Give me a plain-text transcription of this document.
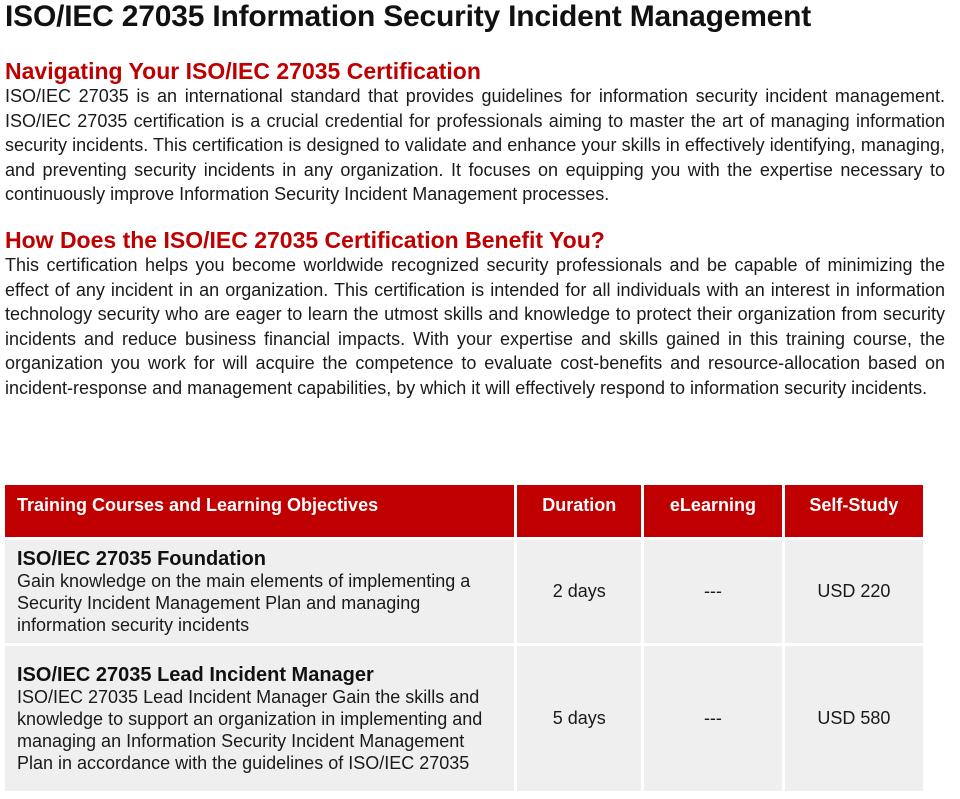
ISO/IEC 27035 Information Security Incident Management
Navigating Your ISO/IEC 27035 Certification

ISO/IEC 27035 is an international standard that provides guidelines for information security incident management. ISO/IEC 27035 certification is a crucial credential for professionals aiming to master the art of managing information security incidents. This certification is designed to validate and enhance your skills in effectively identifying, managing, and preventing security incidents in any organization. It focuses on equipping you with the expertise necessary to continuously improve Information Security Incident Management processes.

How Does the ISO/IEC 27035 Certification Benefit You?

This certification helps you become worldwide recognized security professionals and be capable of minimizing the effect of any incident in an organization. This certification is intended for all individuals with an interest in information technology security who are eager to learn the utmost skills and knowledge to protect their organization from security incidents and reduce business financial impacts. With your expertise and skills gained in this training course, the organization you work for will acquire the competence to evaluate cost-benefits and resource-allocation based on incident-response and management capabilities, by which it will effectively respond to information security incidents.

Training Courses and Learning Objectives	Duration	eLearning	Self-Study

ISO/IEC 27035 Foundation
Gain knowledge on the main elements of implementing a Security Incident Management Plan and managing information security incidents	2 days	---	USD 220

ISO/IEC 27035 Lead Incident Manager
ISO/IEC 27035 Lead Incident Manager Gain the skills and knowledge to support an organization in implementing and managing an Information Security Incident Management Plan in accordance with the guidelines of ISO/IEC 27035	5 days	---	USD 580
